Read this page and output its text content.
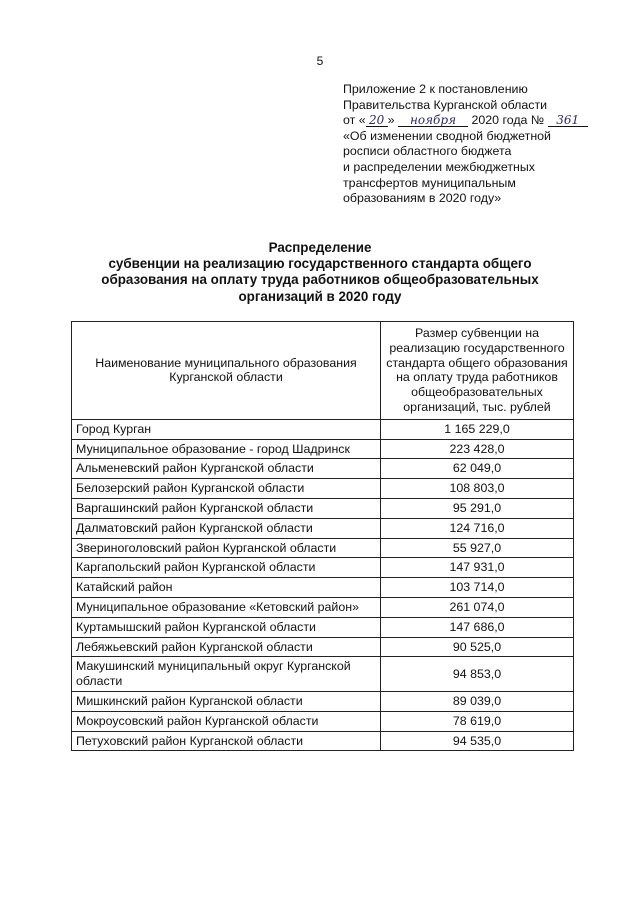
5
Приложение 2 к постановлению
Правительства Курганской области
от « 20 » ноября 2020 года № 361
«Об изменении сводной бюджетной
росписи областного бюджета
и распределении межбюджетных
трансфертов муниципальным
образованиям в 2020 году»
Распределение
субвенции на реализацию государственного стандарта общего
образования на оплату труда работников общеобразовательных
организаций в 2020 году
Наименование муниципального образования Курганской области	Размер субвенции на реализацию государственного стандарта общего образования на оплату труда работников общеобразовательных организаций, тыс. рублей
Город Курган	1 165 229,0
Муниципальное образование - город Шадринск	223 428,0
Альменевский район Курганской области	62 049,0
Белозерский район Курганской области	108 803,0
Варгашинский район Курганской области	95 291,0
Далматовский район Курганской области	124 716,0
Звериноголовский район Курганской области	55 927,0
Каргапольский район Курганской области	147 931,0
Катайский район	103 714,0
Муниципальное образование «Кетовский район»	261 074,0
Куртамышский район Курганской области	147 686,0
Лебяжьевский район Курганской области	90 525,0
Макушинский муниципальный округ Курганской области	94 853,0
Мишкинский район Курганской области	89 039,0
Мокроусовский район Курганской области	78 619,0
Петуховский район Курганской области	94 535,0
